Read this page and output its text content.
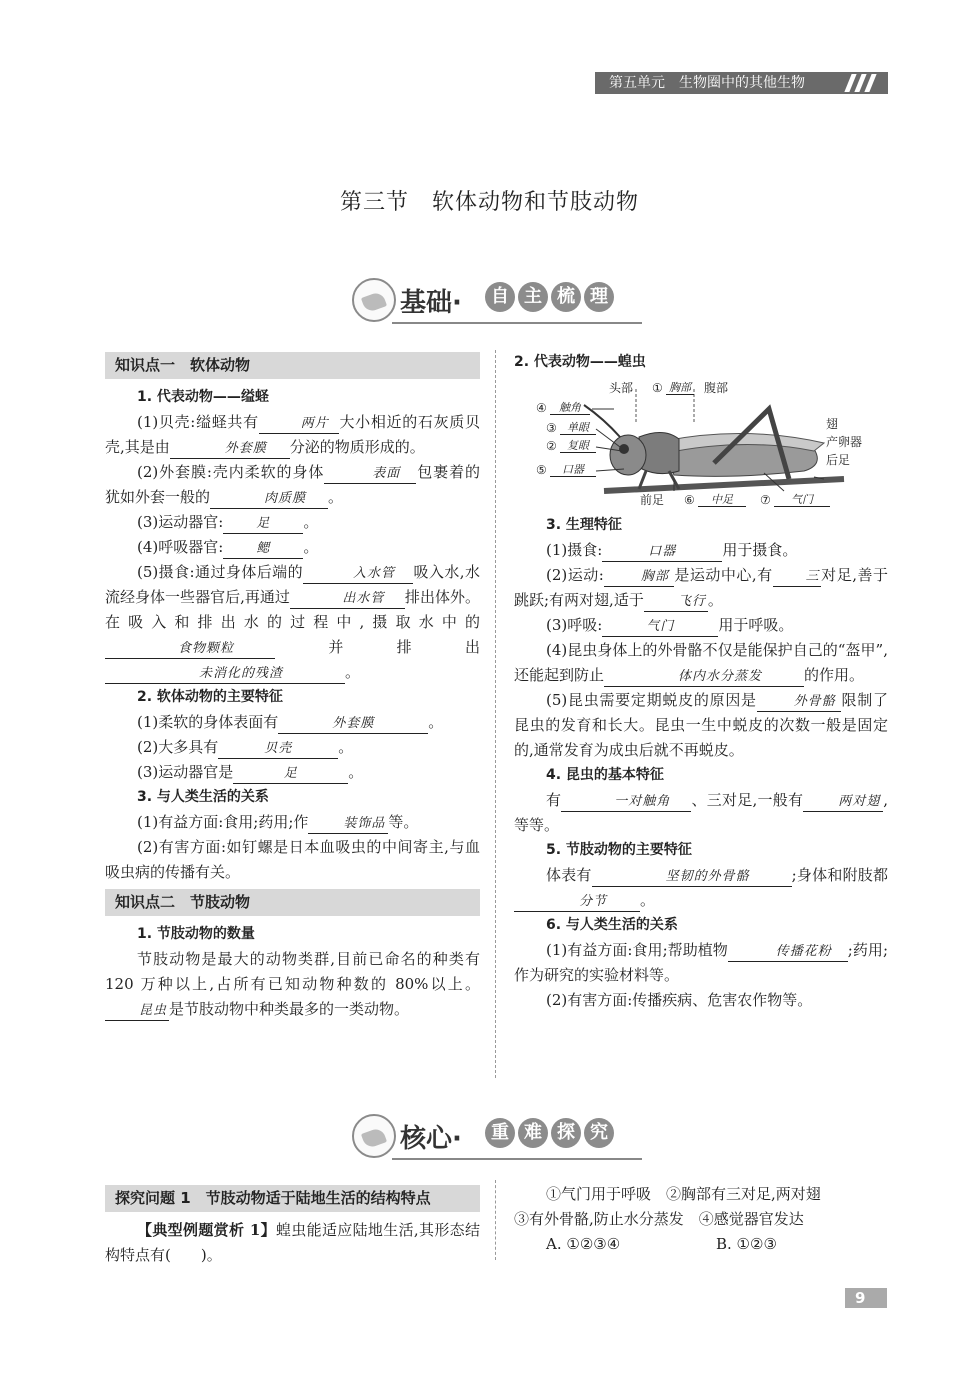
第五单元　生物圈中的其他生物
第三节　软体动物和节肢动物
基础·	自 主 梳 理
知识点一　软体动物
1. 代表动物——缢蛏
(1)贝壳:缢蛏共有	两片 大小相近的石灰质贝壳,其是由	外套膜 分泌的物质形成的。
(2)外套膜:壳内柔软的身体	表面 包裹着的犹如外套一般的	肉质膜 。
(3)运动器官:	足 。
(4)呼吸器官:	鳃 。
(5)摄食:通过身体后端的	入水管 吸入水,水流经身体一些器官后,再通过	出水管 排出体外。在吸入和排出水的过程中,摄取水中的食物颗粒	并排出未消化的残渣	。
2. 软体动物的主要特征
(1)柔软的身体表面有	外套膜	。
(2)大多具有	贝壳	。
(3)运动器官是	足	。
3. 与人类生活的关系
(1)有益方面:食用;药用;作	装饰品 等。
(2)有害方面:如钉螺是日本血吸虫的中间寄主,与血吸虫病的传播有关。
知识点二　节肢动物
1. 节肢动物的数量
节肢动物是最大的动物类群,目前已命名的种类有 120 万种以上,占所有已知动物种数的 80%以上。昆虫 是节肢动物中种类最多的一类动物。
2. 代表动物——蝗虫
头部 ① 胸部 腹部
④	触角
③ 单眼
② 复眼
⑤	口器
翅
产卵器
后足
前足 ⑥	中足	⑦	气门
3. 生理特征
(1)摄食:	口器	用于摄食。
(2)运动:	胸部 是运动中心,有	三对足,善于跳跃;有两对翅,适于	飞行 。
(3)呼吸:	气门	用于呼吸。
(4)昆虫身体上的外骨骼不仅是能保护自己的“盔甲”,还能起到防止	体内水分蒸发	的作用。
(5)昆虫需要定期蜕皮的原因是	外骨骼 限制了昆虫的发育和长大。昆虫一生中蜕皮的次数一般是固定的,通常发育为成虫后就不再蜕皮。
4. 昆虫的基本特征
有	一对触角 、三对足,一般有	两对翅 ,等等。
5. 节肢动物的主要特征
体表有	坚韧的外骨骼	;身体和附肢都分节 。
6. 与人类生活的关系
(1)有益方面:食用;帮助植物	传播花粉 ;药用;作为研究的实验材料等。
(2)有害方面:传播疾病、危害农作物等。
核心·	重 难 探 究
探究问题 1　节肢动物适于陆地生活的结构特点
【典型例题赏析 1】蝗虫能适应陆地生活,其形态结构特点有(　　)。
①气门用于呼吸　②胸部有三对足,两对翅
③有外骨骼,防止水分蒸发　④感觉器官发达
A. ①②③④	B. ①②③
9
